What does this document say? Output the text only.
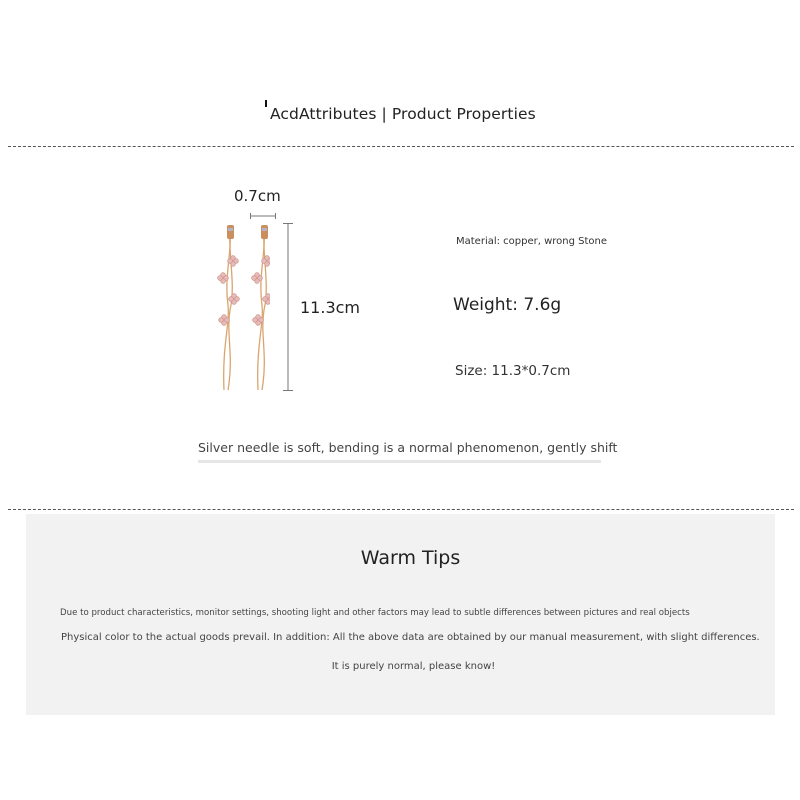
AcdAttributes | Product Properties
0.7cm
11.3cm
Material: copper, wrong Stone
Weight: 7.6g
Size: 11.3*0.7cm
Silver needle is soft, bending is a normal phenomenon, gently shift
Warm Tips
Due to product characteristics, monitor settings, shooting light and other factors may lead to subtle differences between pictures and real objects
Physical color to the actual goods prevail. In addition: All the above data are obtained by our manual measurement, with slight differences.
It is purely normal, please know!
